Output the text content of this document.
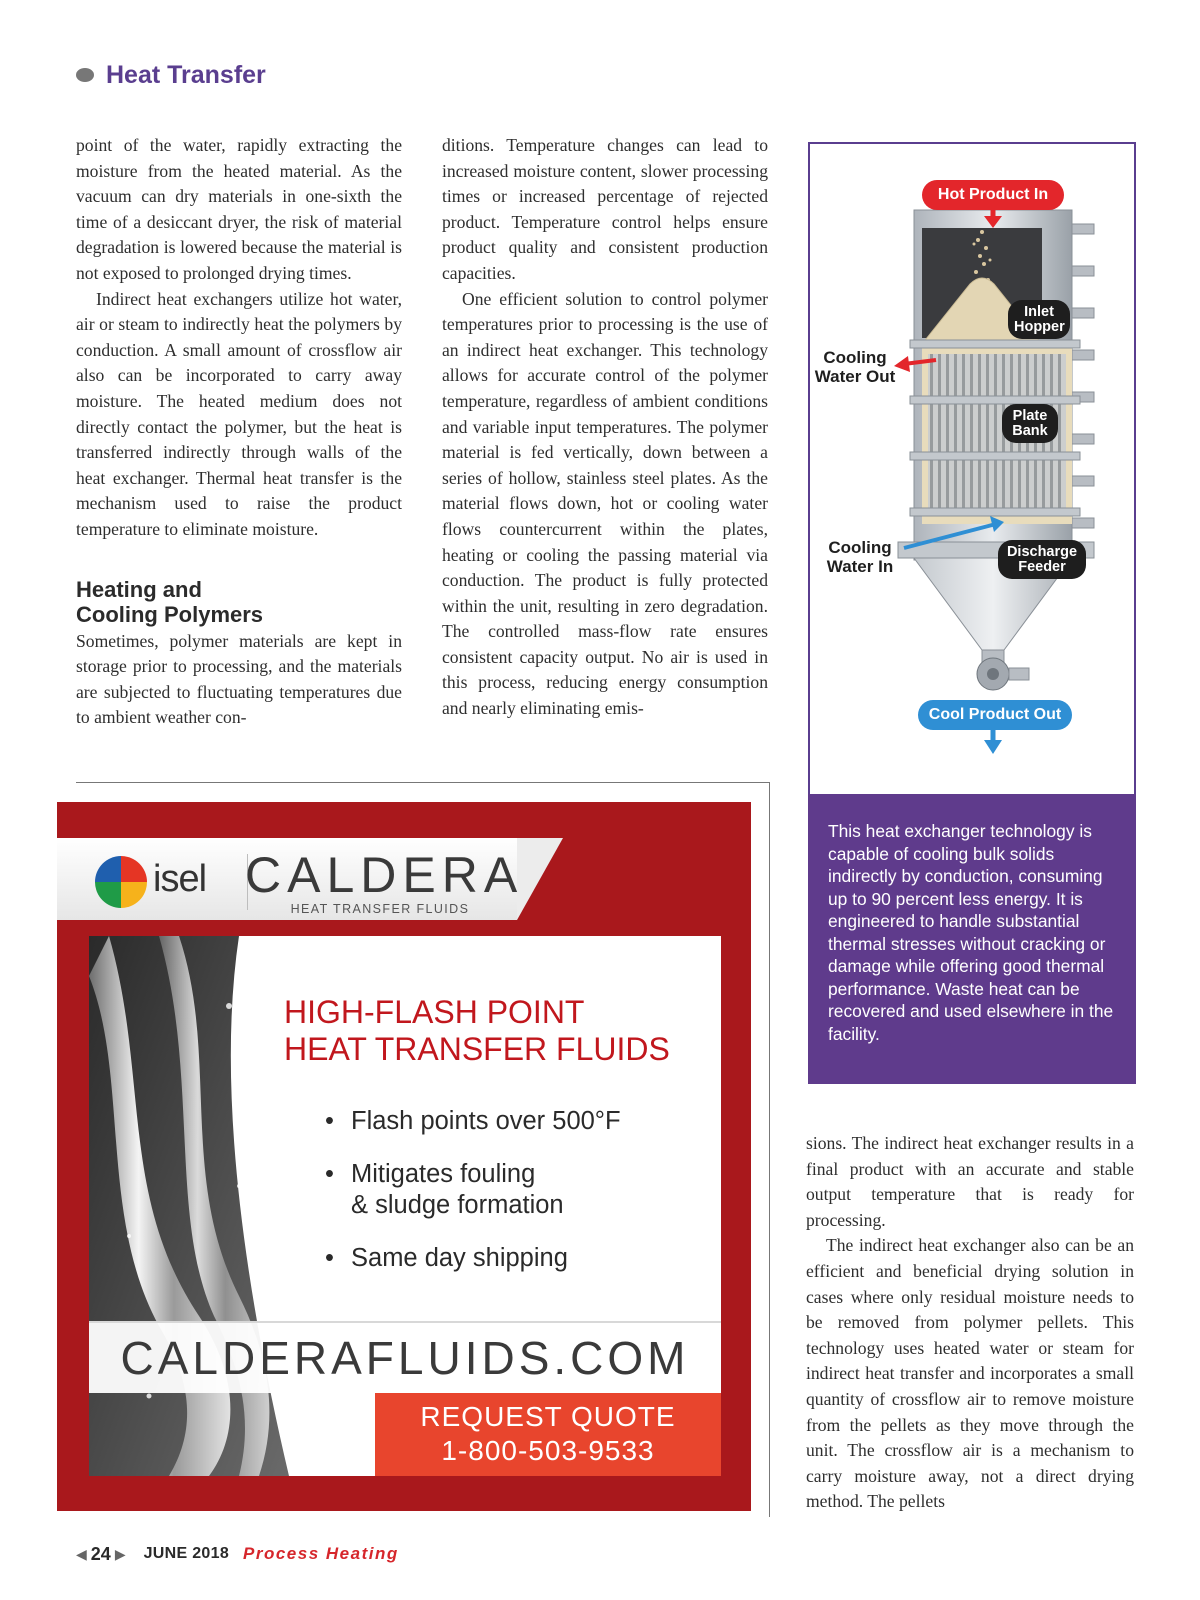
Heat Transfer

point of the water, rapidly extracting the moisture from the heated material. As the vacuum can dry materials in one-sixth the time of a desiccant dryer, the risk of material degradation is lowered because the material is not exposed to prolonged drying times.

Indirect heat exchangers utilize hot water, air or steam to indirectly heat the polymers by conduction. A small amount of crossflow air also can be incorporated to carry away moisture. The heated medium does not directly contact the polymer, but the heat is transferred indirectly through walls of the heat exchanger. Thermal heat transfer is the mechanism used to raise the product temperature to eliminate moisture.

Heating and
Cooling Polymers

Sometimes, polymer materials are kept in storage prior to processing, and the materials are subjected to fluctuating temperatures due to ambient weather con-

ditions. Temperature changes can lead to increased moisture content, slower processing times or increased percentage of rejected product. Temperature control helps ensure product quality and consistent production capacities.

One efficient solution to control polymer temperatures prior to processing is the use of an indirect heat exchanger. This technology allows for accurate control of the polymer temperature, regardless of ambient conditions and variable input temperatures. The polymer material is fed vertically, down between a series of hollow, stainless steel plates. As the material flows down, hot or cooling water flows countercurrent within the plates, heating or cooling the passing material via conduction. The product is fully protected within the unit, resulting in zero degradation. The controlled mass-flow rate ensures consistent capacity output. No air is used in this process, reducing energy consumption and nearly eliminating emis-

Hot Product In
Inlet
Hopper
Cooling
Water Out
Plate
Bank
Cooling
Water In
Discharge
Feeder
Cool Product Out
This heat exchanger technology is capable of cooling bulk solids indirectly by conduction, consuming up to 90 percent less energy. It is engineered to handle substantial thermal stresses without cracking or damage while offering good thermal performance. Waste heat can be recovered and used elsewhere in the facility.

sions. The indirect heat exchanger results in a final product with an accurate and stable output temperature that is ready for processing.

The indirect heat exchanger also can be an efficient and beneficial drying solution in cases where only residual moisture needs to be removed from polymer pellets. This technology uses heated water or steam for indirect heat transfer and incorporates a small quantity of crossflow air to remove moisture from the pellets as they move through the unit. The crossflow air is a mechanism to carry moisture away, not a direct drying method. The pellets

isel CALDERA
HEAT TRANSFER FLUIDS
HIGH-FLASH POINT
HEAT TRANSFER FLUIDS
• Flash points over 500°F
• Mitigates fouling
& sludge formation
• Same day shipping
CALDERAFLUIDS.COM
REQUEST QUOTE
1-800-503-9533
◀ 24 ▶ JUNE 2018 Process Heating
